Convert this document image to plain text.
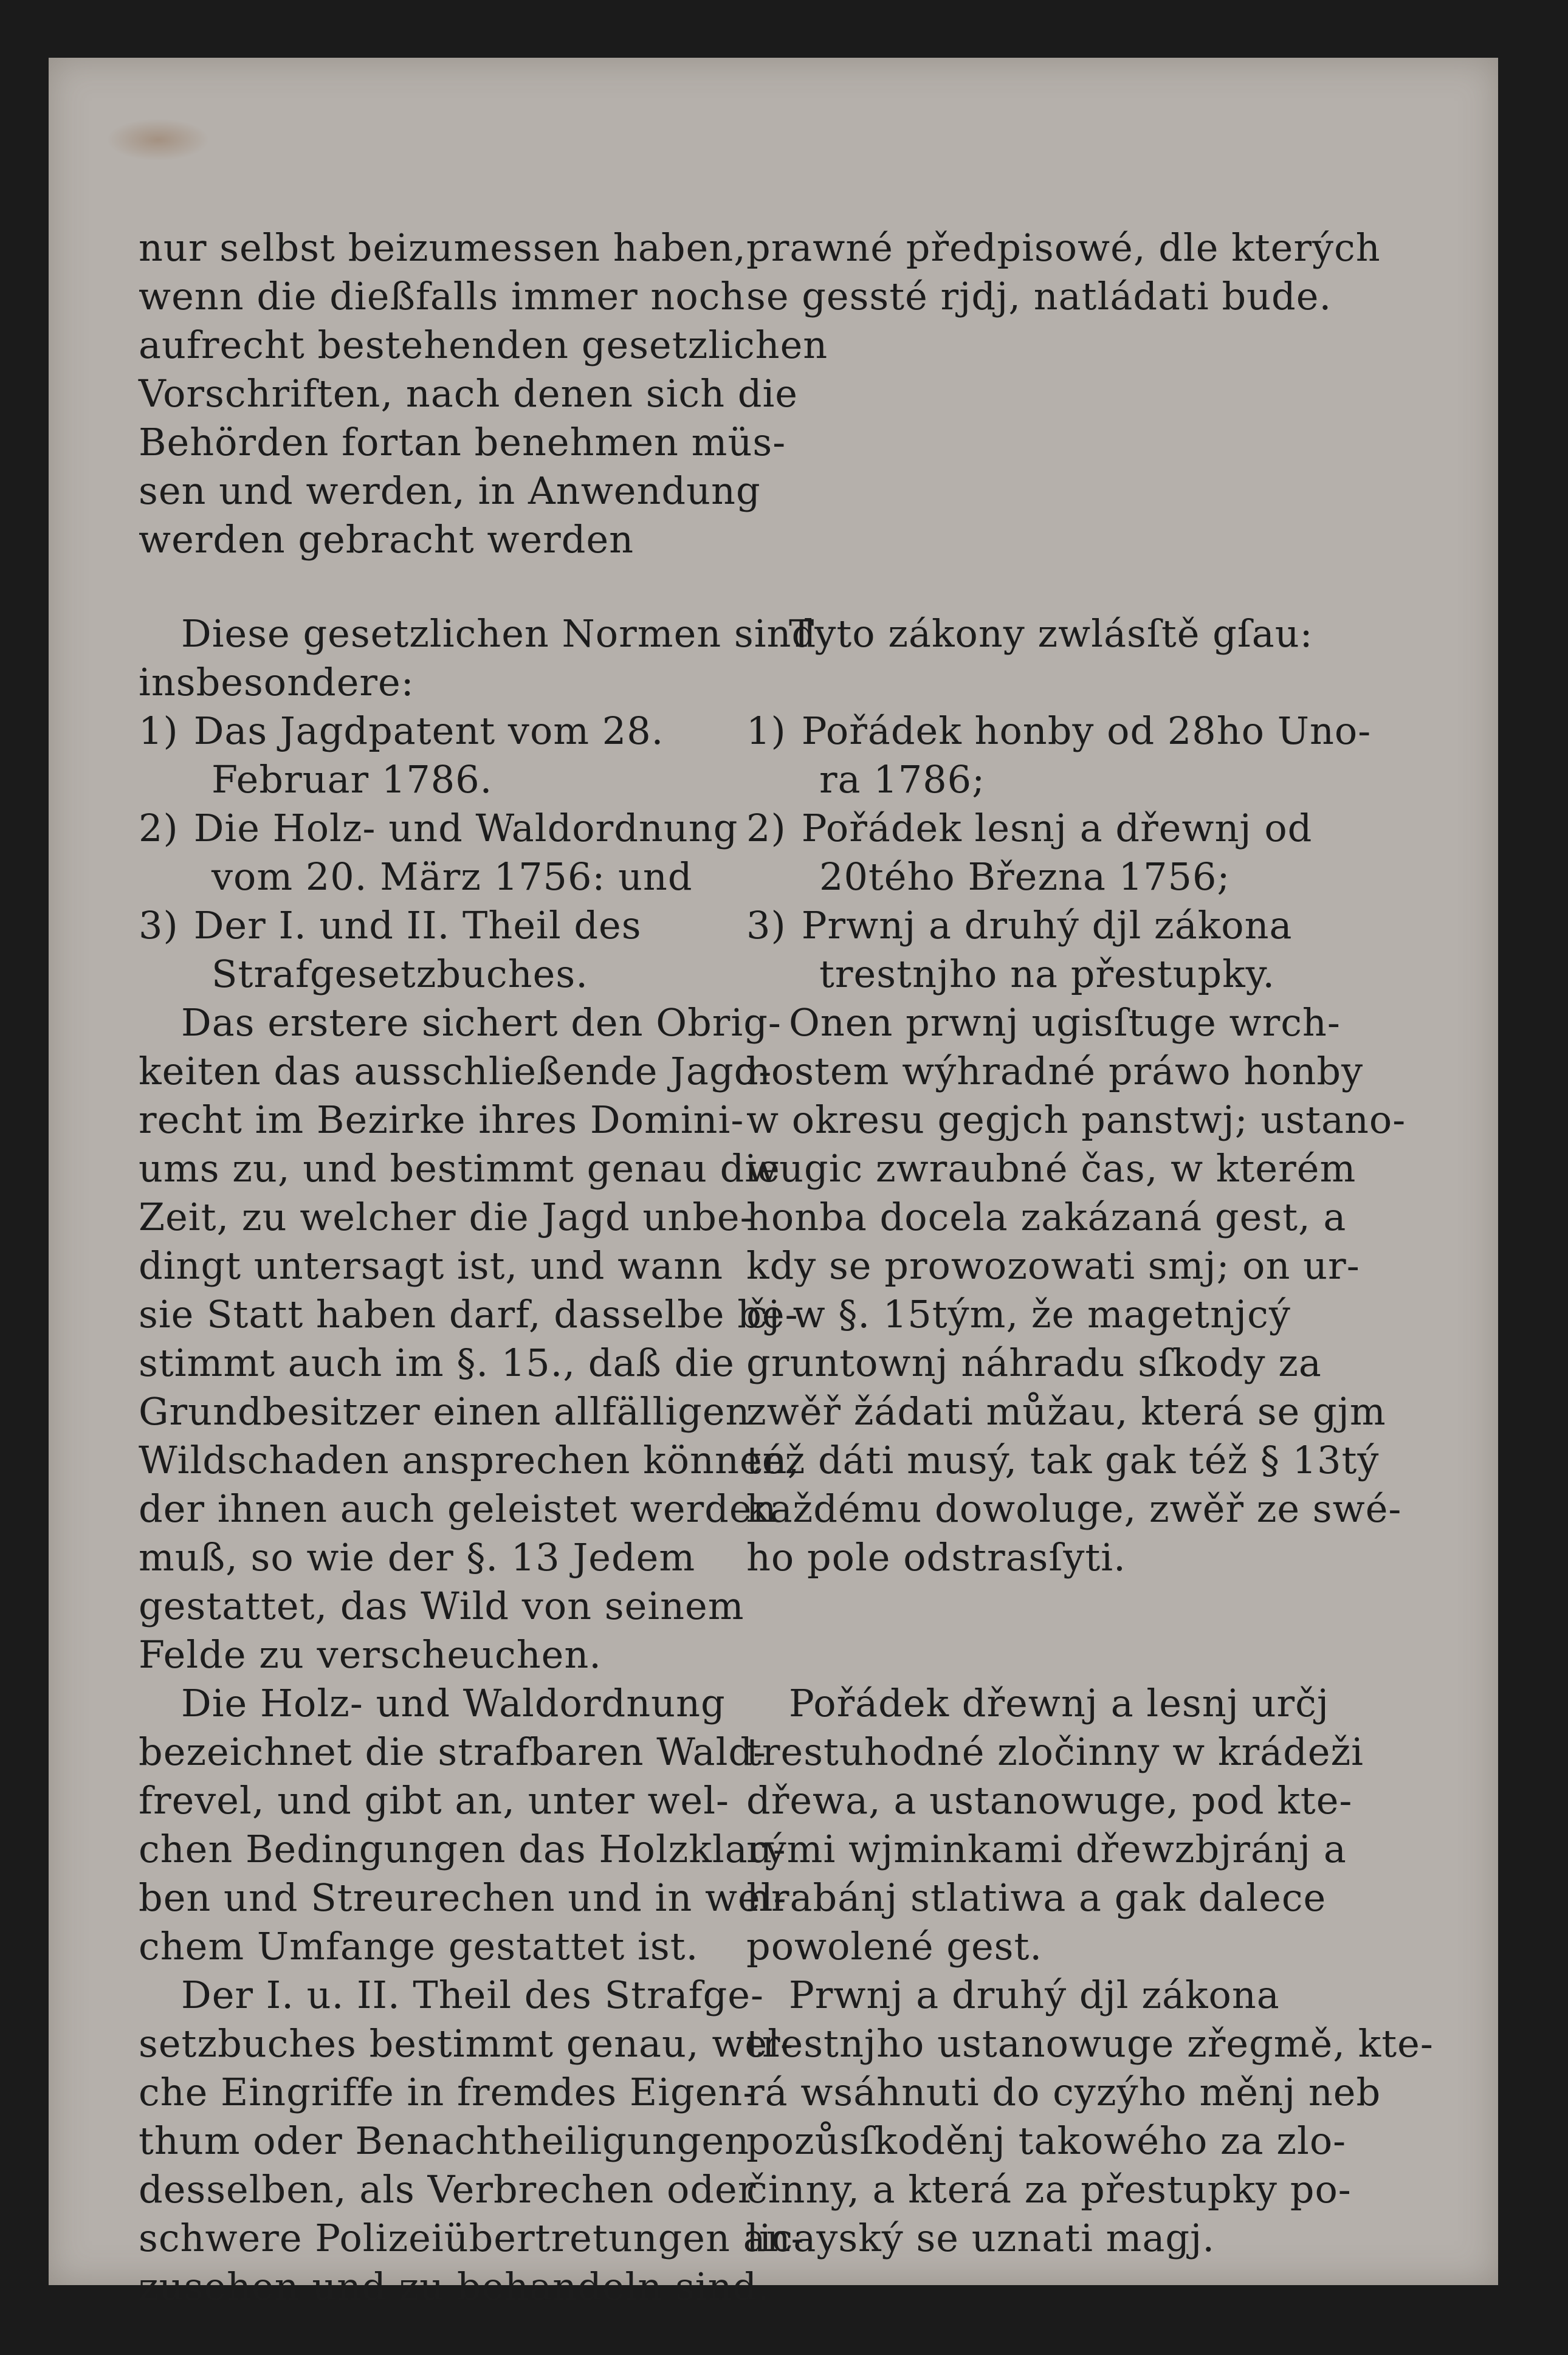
nur selbst beizumessen haben,
wenn die dießfalls immer noch
aufrecht bestehenden gesetzlichen
Vorschriften, nach denen sich die
Behörden fortan benehmen müs-
sen und werden, in Anwendung
werden gebracht werden
Diese gesetzlichen Normen sind
insbesondere:
1) Das Jagdpatent vom 28.
Februar 1786.
2) Die Holz- und Waldordnung
vom 20. März 1756: und
3) Der I. und II. Theil des
Strafgesetzbuches.
Das erstere sichert den Obrig-
keiten das ausschließende Jagd-
recht im Bezirke ihres Domini-
ums zu, und bestimmt genau die
Zeit, zu welcher die Jagd unbe-
dingt untersagt ist, und wann
sie Statt haben darf, dasselbe be-
stimmt auch im §. 15., daß die
Grundbesitzer einen allfälligen
Wildschaden ansprechen können,
der ihnen auch geleistet werden
muß, so wie der §. 13 Jedem
gestattet, das Wild von seinem
Felde zu verscheuchen.
Die Holz- und Waldordnung
bezeichnet die strafbaren Wald-
frevel, und gibt an, unter wel-
chen Bedingungen das Holzklau-
ben und Streurechen und in wel-
chem Umfange gestattet ist.
Der I. u. II. Theil des Strafge-
setzbuches bestimmt genau, wel-
che Eingriffe in fremdes Eigen-
thum oder Benachtheiligungen
desselben, als Verbrechen oder
schwere Polizeiübertretungen an-
zusehen und zu behandeln sind.
prawné předpisowé, dle kterých
se gessté rjdj, natládati bude.
Tyto zákony zwlásſtě gſau:
1) Pořádek honby od 28ho Uno-
ra 1786;
2) Pořádek lesnj a dřewnj od
20tého Března 1756;
3) Prwnj a druhý djl zákona
trestnjho na přestupky.
Onen prwnj ugisſtuge wrch-
nostem wýhradné práwo honby
w okresu gegjch panstwj; ustano-
wugic zwraubné čas, w kterém
honba docela zakázaná gest, a
kdy se prowozowati smj; on ur-
čj w §. 15tým, že magetnjcý
gruntownj náhradu sſkody za
zwěř žádati můžau, která se gjm
též dáti musý, tak gak též § 13tý
každému dowoluge, zwěř ze swé-
ho pole odstrasſyti.
Pořádek dřewnj a lesnj určj
trestuhodné zločinny w krádeži
dřewa, a ustanowuge, pod kte-
rými wjminkami dřewzbjránj a
hrabánj stlatiwa a gak dalece
powolené gest.
Prwnj a druhý djl zákona
trestnjho ustanowuge zřegmě, kte-
rá wsáhnuti do cyzýho měnj neb
pozůsſkoděnj takowého za zlo-
činny, a která za přestupky po-
licayský se uznati magj.
